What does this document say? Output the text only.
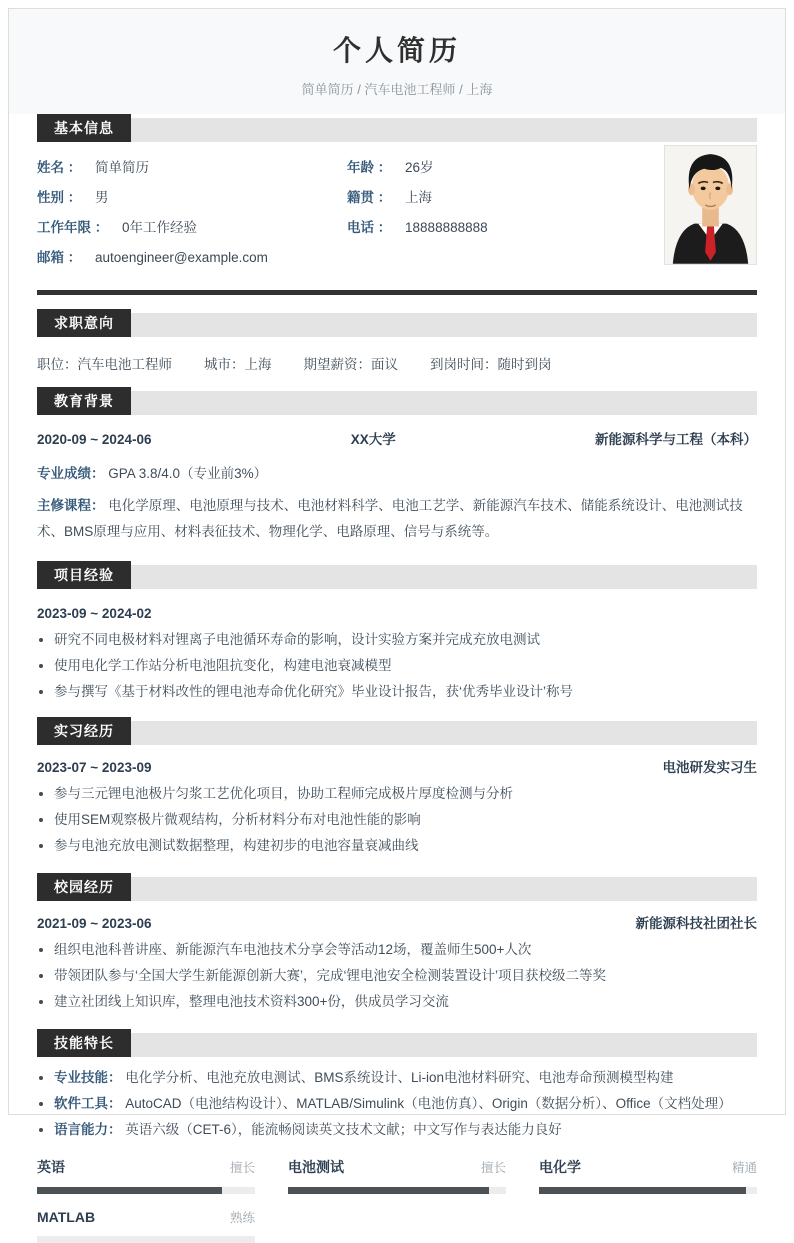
个人简历
简单简历 / 汽车电池工程师 / 上海
基本信息
姓名 ： 简单简历
性别 ： 男
工作年限 ： 0年工作经验
邮箱 ： autoengineer@example.com
年龄 ： 26岁
籍贯 ： 上海
电话 ： 18888888888
求职意向
职位：汽车电池工程师 城市：上海 期望薪资：面议 到岗时间：随时到岗
教育背景
2020-09 ~ 2024-06	XX大学	新能源科学与工程（本科）
专业成绩： GPA 3.8/4.0（专业前3%）
主修课程： 电化学原理、电池原理与技术、电池材料科学、电池工艺学、新能源汽车技术、储能系统设计、电池测试技术、BMS原理与应用、材料表征技术、物理化学、电路原理、信号与系统等。
项目经验
2023-09 ~ 2024-02
研究不同电极材料对锂离子电池循环寿命的影响，设计实验方案并完成充放电测试
使用电化学工作站分析电池阻抗变化，构建电池衰减模型
参与撰写《基于材料改性的锂电池寿命优化研究》毕业设计报告，获‘优秀毕业设计’称号
实习经历
2023-07 ~ 2023-09	电池研发实习生
参与三元锂电池极片匀浆工艺优化项目，协助工程师完成极片厚度检测与分析
使用SEM观察极片微观结构，分析材料分布对电池性能的影响
参与电池充放电测试数据整理，构建初步的电池容量衰减曲线
校园经历
2021-09 ~ 2023-06	新能源科技社团社长
组织电池科普讲座、新能源汽车电池技术分享会等活动12场，覆盖师生500+人次
带领团队参与‘全国大学生新能源创新大赛’，完成‘锂电池安全检测装置设计’项目获校级二等奖
建立社团线上知识库，整理电池技术资料300+份，供成员学习交流
技能特长
专业技能： 电化学分析、电池充放电测试、BMS系统设计、Li-ion电池材料研究、电池寿命预测模型构建
软件工具： AutoCAD（电池结构设计）、MATLAB/Simulink（电池仿真）、Origin（数据分析）、Office（文档处理）
语言能力： 英语六级（CET-6），能流畅阅读英文技术文献；中文写作与表达能力良好
英语	擅长 电池测试	擅长 电化学	精通
MATLAB	熟练
